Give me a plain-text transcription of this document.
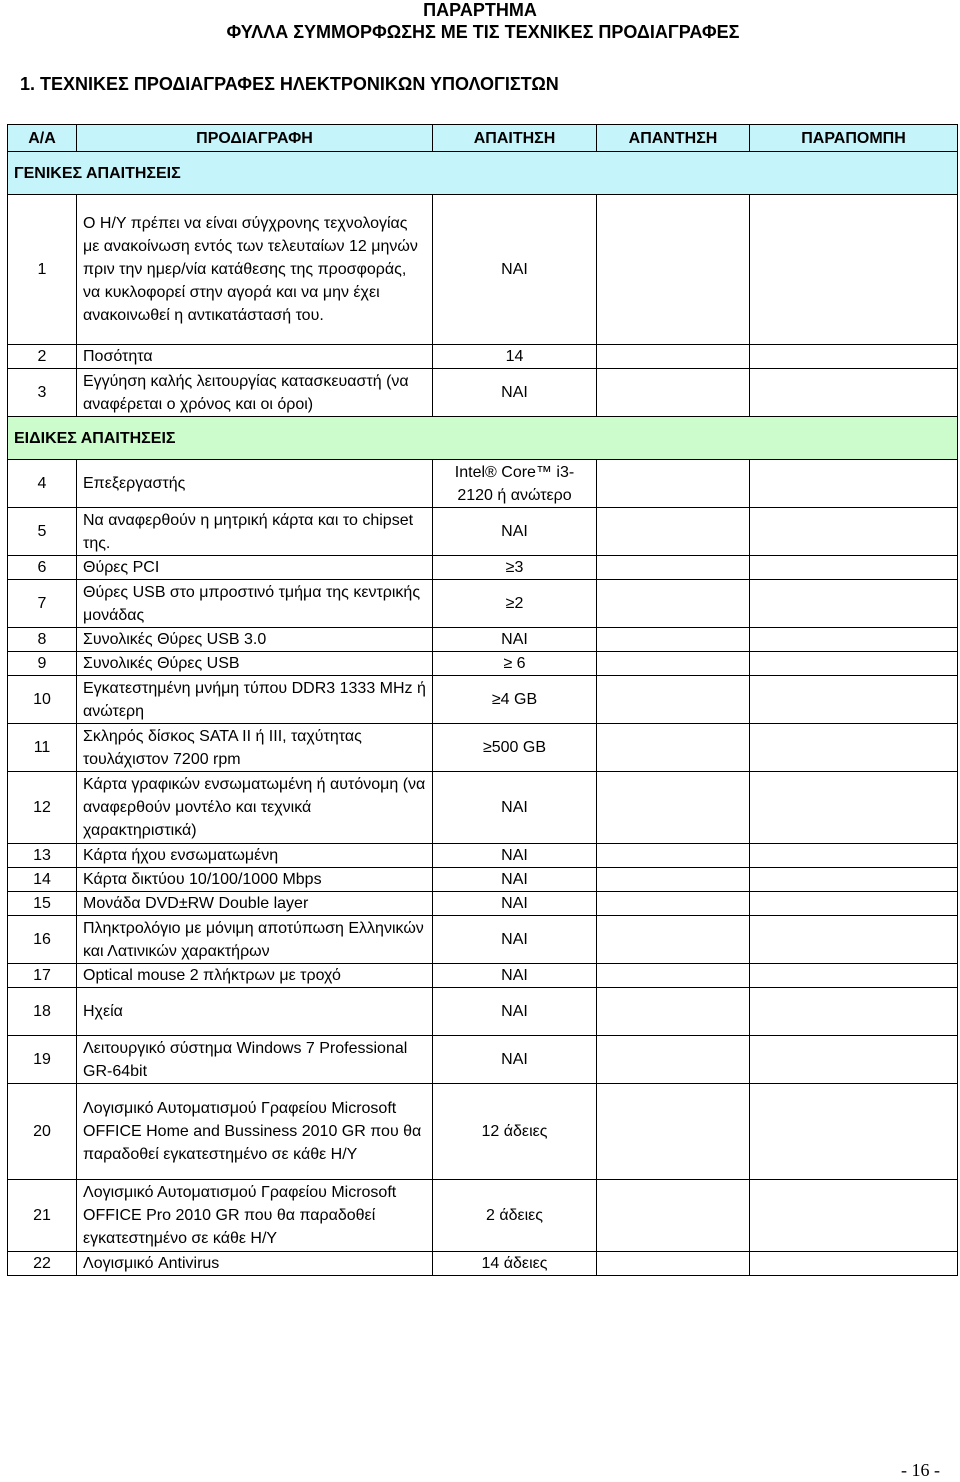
ΠΑΡΑΡΤΗΜΑ
ΦΥΛΛΑ ΣΥΜΜΟΡΦΩΣΗΣ ΜΕ ΤΙΣ ΤΕΧΝΙΚΕΣ ΠΡΟΔΙΑΓΡΑΦΕΣ
1. ΤΕΧΝΙΚΕΣ ΠΡΟΔΙΑΓΡΑΦΕΣ ΗΛΕΚΤΡΟΝΙΚΩΝ ΥΠΟΛΟΓΙΣΤΩΝ
Α/Α	ΠΡΟΔΙΑΓΡΑΦΗ	ΑΠΑΙΤΗΣΗ	ΑΠΑΝΤΗΣΗ	ΠΑΡΑΠΟΜΠΗ
ΓΕΝΙΚΕΣ ΑΠΑΙΤΗΣΕΙΣ				
1	Ο Η/Υ πρέπει να είναι σύγχρονης τεχνολογίας με ανακοίνωση εντός των τελευταίων 12 μηνών πριν την ημερ/νία κατάθεσης της προσφοράς, να κυκλοφορεί στην αγορά και να μην έχει ανακοινωθεί η αντικατάστασή του.	ΝΑΙ		
2	Ποσότητα	14		
3	Εγγύηση καλής λειτουργίας κατασκευαστή (να αναφέρεται ο χρόνος και οι όροι)	ΝΑΙ		
ΕΙΔΙΚΕΣ ΑΠΑΙΤΗΣΕΙΣ				
4	Επεξεργαστής	Intel® Core™ i3-2120 ή ανώτερο		
5	Να αναφερθούν η μητρική κάρτα και το chipset της.	ΝΑΙ		
6	Θύρες PCI	≥3		
7	Θύρες USB στο μπροστινό τμήμα της κεντρικής μονάδας	≥2		
8	Συνολικές Θύρες USB 3.0	ΝΑΙ		
9	Συνολικές Θύρες USB	≥ 6		
10	Εγκατεστημένη μνήμη τύπου DDR3 1333 MHz ή ανώτερη	≥4 GB		
11	Σκληρός δίσκος SATA II ή III, ταχύτητας τουλάχιστον 7200 rpm	≥500 GB		
12	Κάρτα γραφικών ενσωματωμένη ή αυτόνομη (να αναφερθούν μοντέλο και τεχνικά χαρακτηριστικά)	ΝΑΙ		
13	Κάρτα ήχου ενσωματωμένη	ΝΑΙ		
14	Κάρτα δικτύου 10/100/1000 Mbps	ΝΑΙ		
15	Μονάδα DVD±RW Double layer	ΝΑΙ		
16	Πληκτρολόγιο με μόνιμη αποτύπωση Ελληνικών και Λατινικών χαρακτήρων	ΝΑΙ		
17	Optical mouse 2 πλήκτρων με τροχό	ΝΑΙ		
18	Ηχεία	ΝΑΙ		
19	Λειτουργικό σύστημα Windows 7 Professional GR-64bit	ΝΑΙ		
20	Λογισμικό Αυτοματισμού Γραφείου Microsoft OFFICE Home and Bussiness 2010 GR που θα παραδοθεί εγκατεστημένο σε κάθε Η/Υ	12 άδειες		
21	Λογισμικό Αυτοματισμού Γραφείου Microsoft OFFICE Pro 2010 GR που θα παραδοθεί εγκατεστημένο σε κάθε Η/Υ	2 άδειες		
22	Λογισμικό Antivirus	14 άδειες		
- 16 -
